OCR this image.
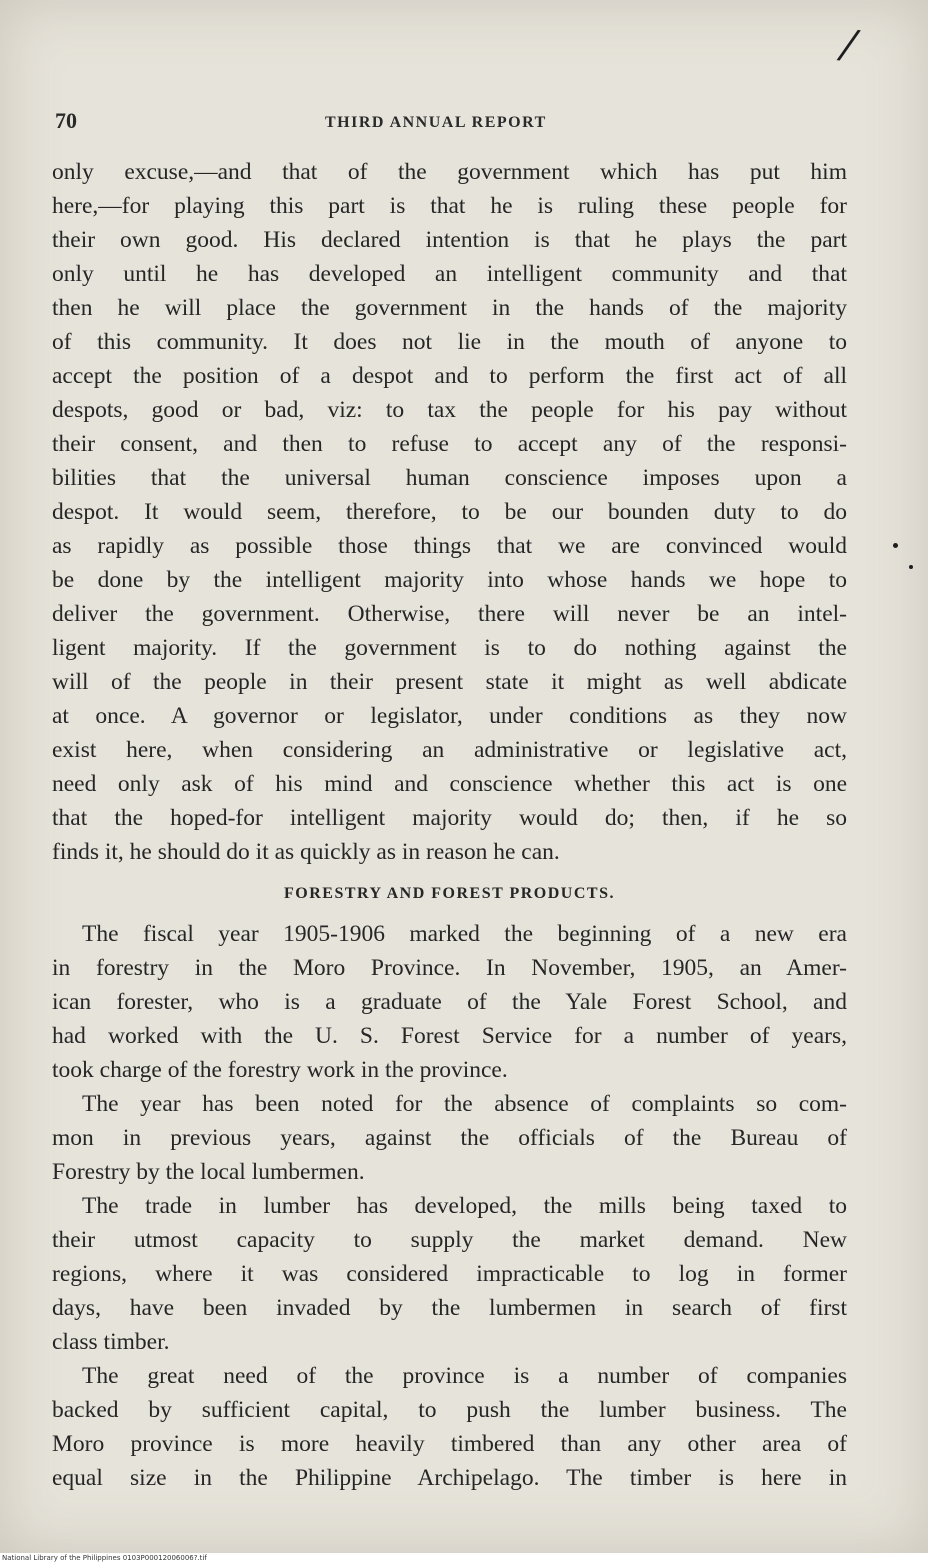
/
70	THIRD ANNUAL REPORT
only excuse,—and that of the government which has put him
here,—for playing this part is that he is ruling these people for
their own good. His declared intention is that he plays the part
only until he has developed an intelligent community and that
then he will place the government in the hands of the majority
of this community. It does not lie in the mouth of anyone to
accept the position of a despot and to perform the first act of all
despots, good or bad, viz: to tax the people for his pay without
their consent, and then to refuse to accept any of the responsi-
bilities that the universal human conscience imposes upon a
despot. It would seem, therefore, to be our bounden duty to do
as rapidly as possible those things that we are convinced would
be done by the intelligent majority into whose hands we hope to
deliver the government. Otherwise, there will never be an intel-
ligent majority. If the government is to do nothing against the
will of the people in their present state it might as well abdicate
at once. A governor or legislator, under conditions as they now
exist here, when considering an administrative or legislative act,
need only ask of his mind and conscience whether this act is one
that the hoped-for intelligent majority would do; then, if he so
finds it, he should do it as quickly as in reason he can.
FORESTRY AND FOREST PRODUCTS.
The fiscal year 1905-1906 marked the beginning of a new era
in forestry in the Moro Province. In November, 1905, an Amer-
ican forester, who is a graduate of the Yale Forest School, and
had worked with the U. S. Forest Service for a number of years,
took charge of the forestry work in the province.
The year has been noted for the absence of complaints so com-
mon in previous years, against the officials of the Bureau of
Forestry by the local lumbermen.
The trade in lumber has developed, the mills being taxed to
their utmost capacity to supply the market demand. New
regions, where it was considered impracticable to log in former
days, have been invaded by the lumbermen in search of first
class timber.
The great need of the province is a number of companies
backed by sufficient capital, to push the lumber business. The
Moro province is more heavily timbered than any other area of
equal size in the Philippine Archipelago. The timber is here in
National Library of the Philippines 0103P00012006006?.tif
